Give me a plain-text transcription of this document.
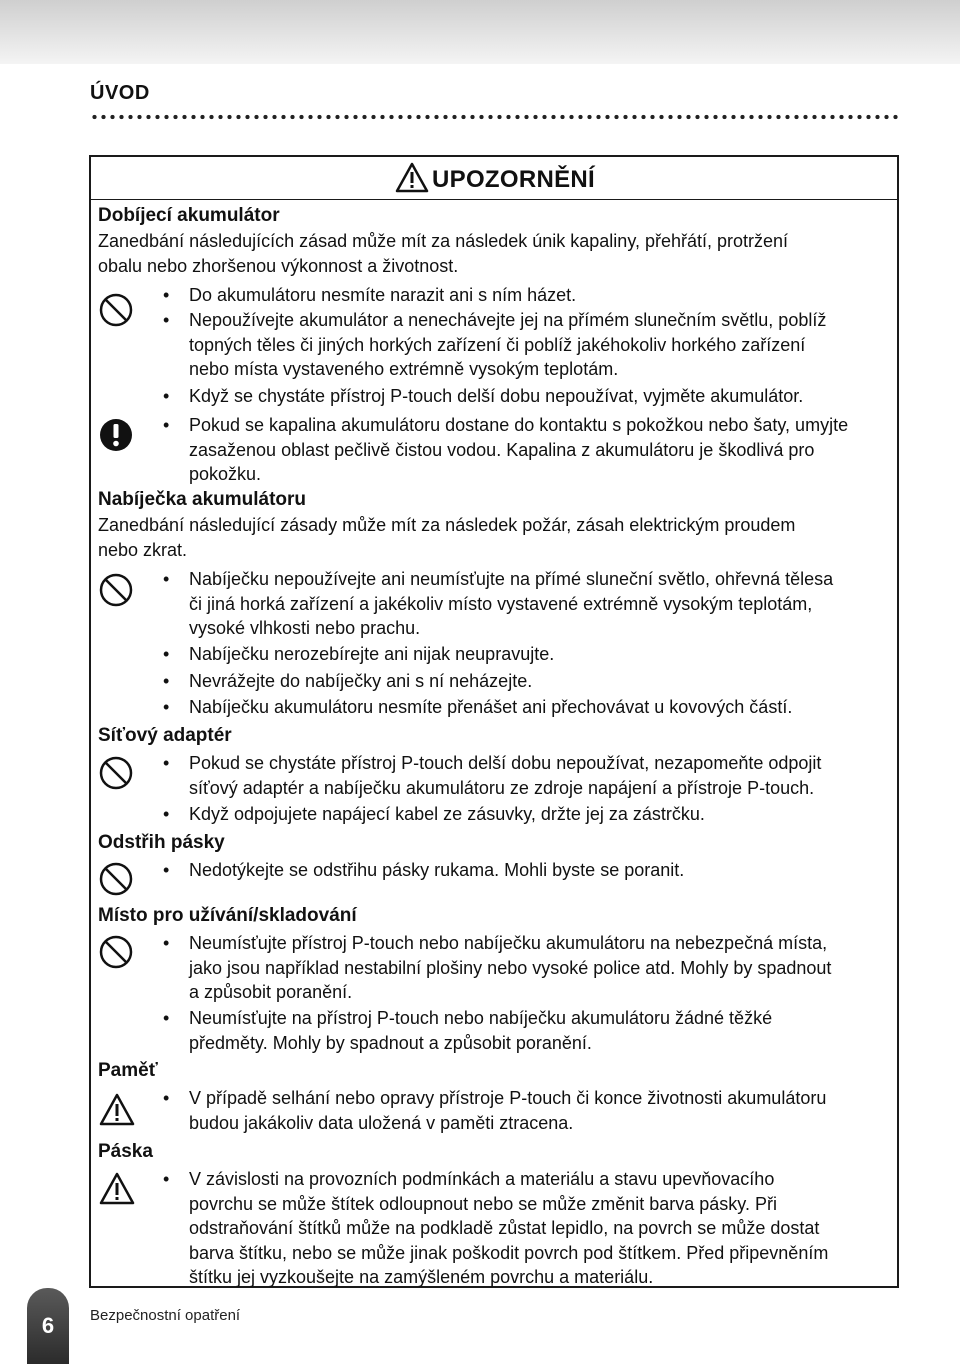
ÚVOD
UPOZORNĚNÍ
Dobíjecí akumulátor
Zanedbání následujících zásad může mít za následek únik kapaliny, přehřátí, protržení
obalu nebo zhoršenou výkonnost a životnost.
• Do akumulátoru nesmíte narazit ani s ním házet.
• Nepoužívejte akumulátor a nenechávejte jej na přímém slunečním světlu, poblíž
topných těles či jiných horkých zařízení či poblíž jakéhokoliv horkého zařízení
nebo místa vystaveného extrémně vysokým teplotám.
• Když se chystáte přístroj P-touch delší dobu nepoužívat, vyjměte akumulátor.
• Pokud se kapalina akumulátoru dostane do kontaktu s pokožkou nebo šaty, umyjte
zasaženou oblast pečlivě čistou vodou. Kapalina z akumulátoru je škodlivá pro
pokožku.
Nabíječka akumulátoru
Zanedbání následující zásady může mít za následek požár, zásah elektrickým proudem
nebo zkrat.
• Nabíječku nepoužívejte ani neumísťujte na přímé sluneční světlo, ohřevná tělesa
či jiná horká zařízení a jakékoliv místo vystavené extrémně vysokým teplotám,
vysoké vlhkosti nebo prachu.
• Nabíječku nerozebírejte ani nijak neupravujte.
• Nevrážejte do nabíječky ani s ní neházejte.
• Nabíječku akumulátoru nesmíte přenášet ani přechovávat u kovových částí.
Síťový adaptér
• Pokud se chystáte přístroj P-touch delší dobu nepoužívat, nezapomeňte odpojit
síťový adaptér a nabíječku akumulátoru ze zdroje napájení a přístroje P-touch.
• Když odpojujete napájecí kabel ze zásuvky, držte jej za zástrčku.
Odstřih pásky
• Nedotýkejte se odstřihu pásky rukama. Mohli byste se poranit.
Místo pro užívání/skladování
• Neumísťujte přístroj P-touch nebo nabíječku akumulátoru na nebezpečná místa,
jako jsou například nestabilní plošiny nebo vysoké police atd. Mohly by spadnout
a způsobit poranění.
• Neumísťujte na přístroj P-touch nebo nabíječku akumulátoru žádné těžké
předměty. Mohly by spadnout a způsobit poranění.
Paměť
• V případě selhání nebo opravy přístroje P-touch či konce životnosti akumulátoru
budou jakákoliv data uložená v paměti ztracena.
Páska
• V závislosti na provozních podmínkách a materiálu a stavu upevňovacího
povrchu se může štítek odloupnout nebo se může změnit barva pásky. Při
odstraňování štítků může na podkladě zůstat lepidlo, na povrch se může dostat
barva štítku, nebo se může jinak poškodit povrch pod štítkem. Před připevněním
štítku jej vyzkoušejte na zamýšleném povrchu a materiálu.
6 Bezpečnostní opatření
